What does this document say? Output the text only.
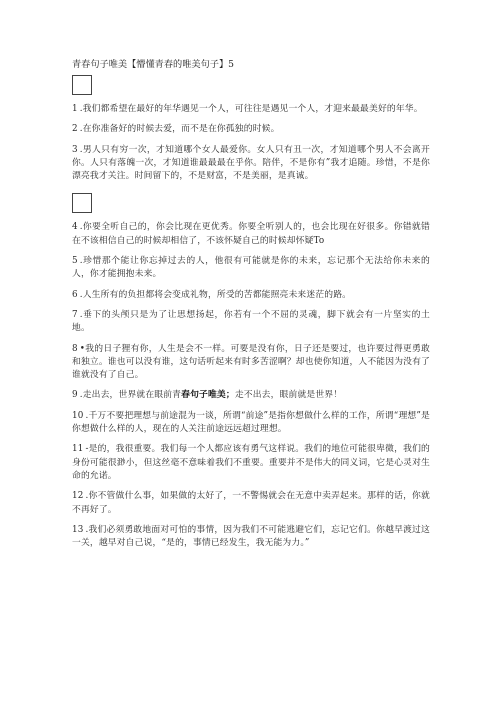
青春句子唯美【懵懂青春的唯美句子】5

1 .我们都希望在最好的年华遇见一个人，可往往是遇见一个人，才迎来最最美好的年华。

2 .在你准备好的时候去爱，而不是在你孤独的时候。

3 .男人只有穷一次，才知道哪个女人最爱你。女人只有丑一次，才知道哪个男人不会离开你。人只有落魄一次，才知道谁最最最在乎你。陪伴，不是你有”我才追随。珍惜，不是你漂亮我才关注。时间留下的，不是财富，不是美丽，是真诚。

4 .你要全听自己的，你会比现在更优秀。你要全听别人的，也会比现在好很多。你错就错在不该相信自己的时候却相信了，不该怀疑自己的时候却怀疑To

5 .珍惜那个能让你忘掉过去的人，他很有可能就是你的未来，忘记那个无法给你未来的人，你才能拥抱未来。

6 .人生所有的负担都将会变成礼物，所受的苦都能照亮未来迷茫的路。

7 .垂下的头颅只是为了让思想扬起，你若有一个不屈的灵魂，脚下就会有一片坚实的土地。

8 •我的日子狸有你，人生是会不一样。可要是没有你，日子还是要过，也许要过得更勇敢和独立。谁也可以没有谁，这句话听起来有时多苦涩啊？却也使你知道，人不能因为没有了谁就没有了自己。

9 .走出去，世界就在眼前青春句子唯美；走不出去，眼前就是世界！

10 .千万不要把理想与前途混为一谈，所谓“前途”是指你想做什么样的工作，所谓“理想”是你想做什么样的人，现在的人关注前途远远超过理想。

11 -是的，我很重要。我们每一个人都应该有勇气这样说。我们的地位可能很卑微，我们的身份可能很渺小，但这丝毫不意味着我们不重要。重要并不是伟大的同义词，它是心灵对生命的允诺。

12 .你不管做什么事，如果做的太好了，一不警惕就会在无意中卖弄起来。那样的话，你就不再好了。

13 .我们必须勇敢地面对可怕的事情，因为我们不可能逃避它们，忘记它们。你越早渡过这一关，越早对自己说，“是的，事情已经发生，我无能为力。”
